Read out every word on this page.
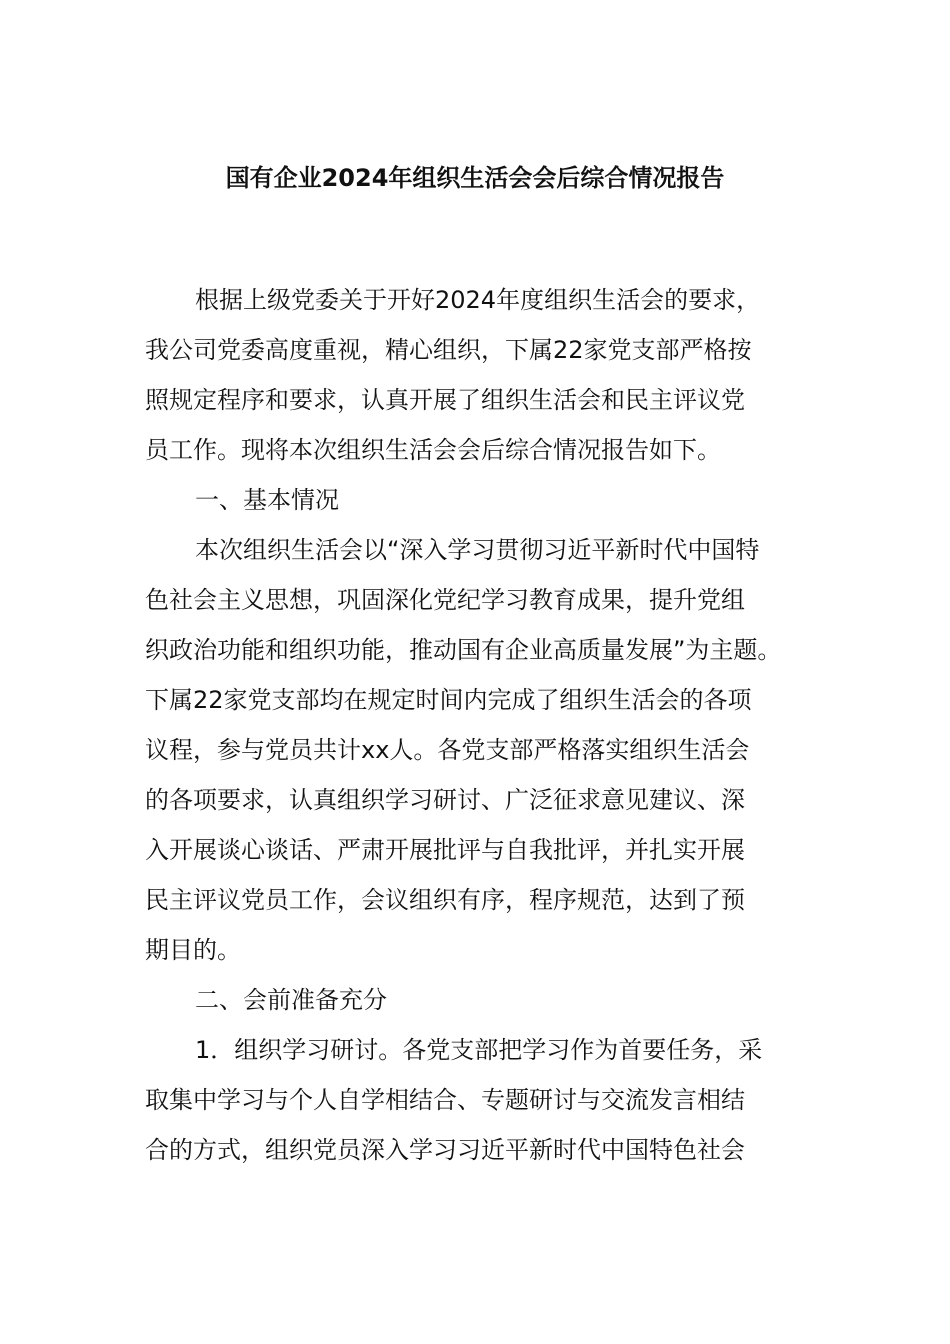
国有企业2024年组织生活会会后综合情况报告
根据上级党委关于开好2024年度组织生活会的要求，
我公司党委高度重视，精心组织，下属22家党支部严格按
照规定程序和要求，认真开展了组织生活会和民主评议党
员工作。现将本次组织生活会会后综合情况报告如下。
一、基本情况
本次组织生活会以“深入学习贯彻习近平新时代中国特
色社会主义思想，巩固深化党纪学习教育成果，提升党组
织政治功能和组织功能，推动国有企业高质量发展”为主题。
下属22家党支部均在规定时间内完成了组织生活会的各项
议程，参与党员共计xx人。各党支部严格落实组织生活会
的各项要求，认真组织学习研讨、广泛征求意见建议、深
入开展谈心谈话、严肃开展批评与自我批评，并扎实开展
民主评议党员工作，会议组织有序，程序规范，达到了预
期目的。
二、会前准备充分
1．组织学习研讨。各党支部把学习作为首要任务，采
取集中学习与个人自学相结合、专题研讨与交流发言相结
合的方式，组织党员深入学习习近平新时代中国特色社会
